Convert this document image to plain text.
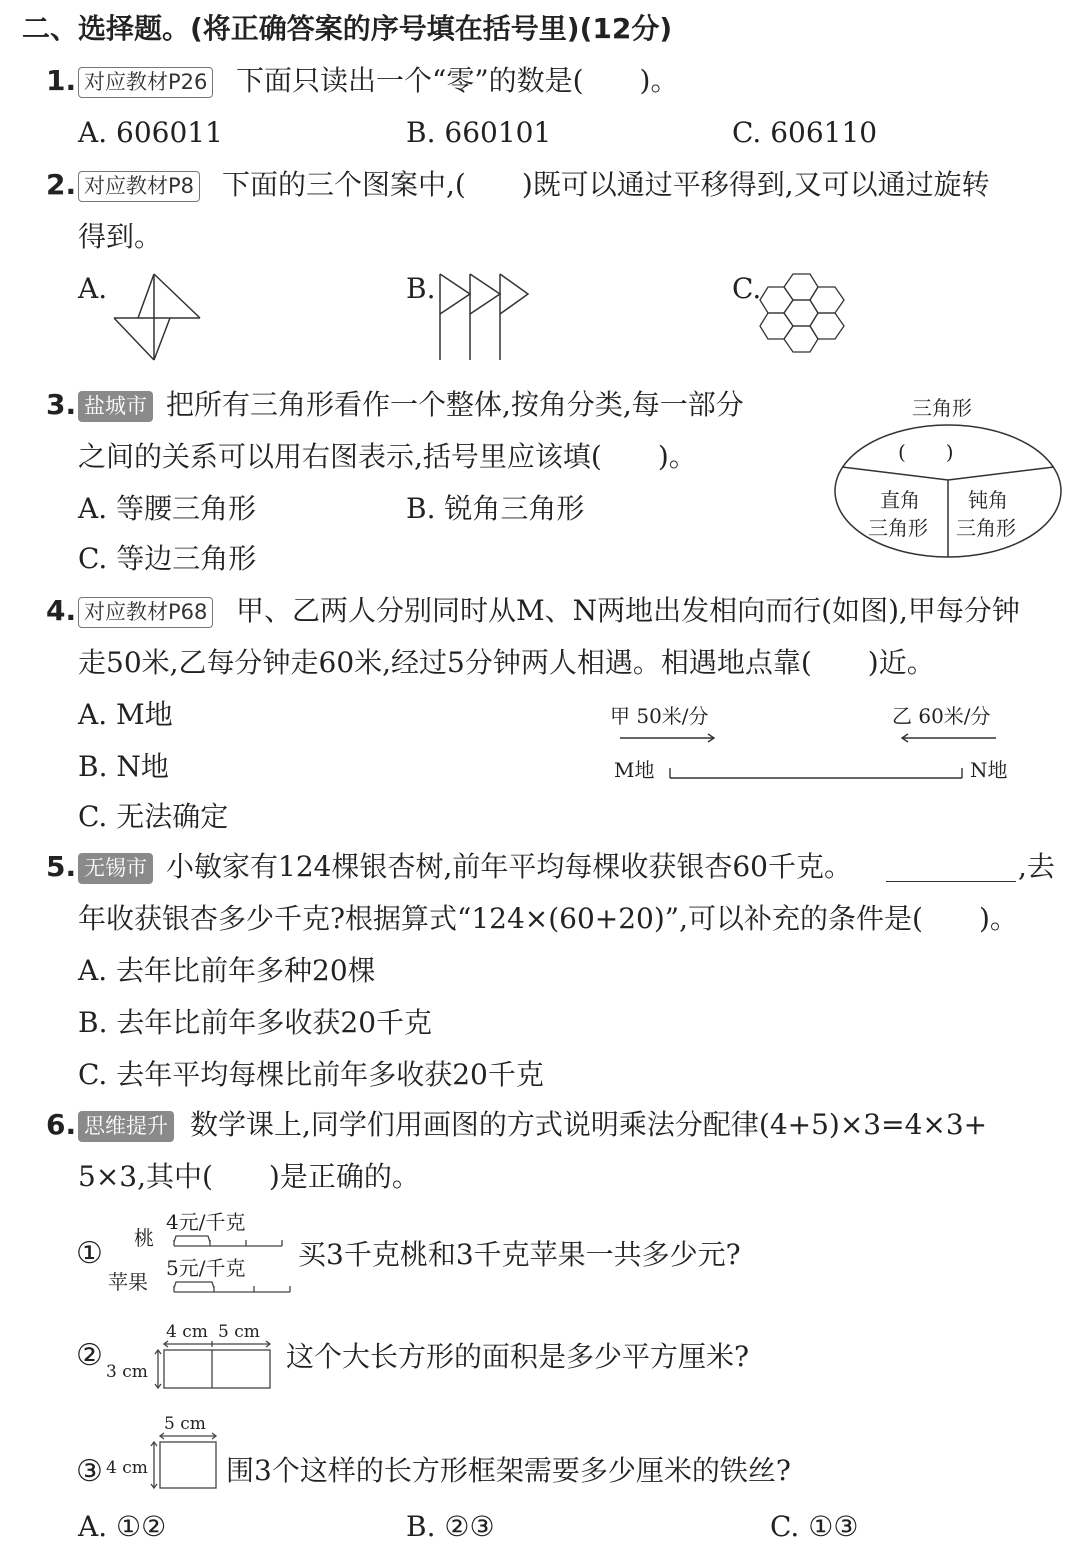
二、选择题。(将正确答案的序号填在括号里)(12分)
1. 对应教材P26 下面只读出一个“零”的数是(　　)。
A. 606011	B. 660101	C. 606110
2. 对应教材P8 下面的三个图案中,(　　)既可以通过平移得到,又可以通过旋转
得到。
A.	B.	C.
3. 盐城市 把所有三角形看作一个整体,按角分类,每一部分
之间的关系可以用右图表示,括号里应该填(　　)。
A. 等腰三角形	B. 锐角三角形
C. 等边三角形
三角形
(　　)
直角
三角形
钝角
三角形
4. 对应教材P68 甲、乙两人分别同时从M、N两地出发相向而行(如图),甲每分钟
走50米,乙每分钟走60米,经过5分钟两人相遇。相遇地点靠(　　)近。
A. M地
B. N地
C. 无法确定
甲 50米/分	乙 60米/分
M地	N地
5. 无锡市 小敏家有124棵银杏树,前年平均每棵收获银杏60千克。	,去
年收获银杏多少千克?根据算式“124×(60+20)”,可以补充的条件是(　　)。
A. 去年比前年多种20棵
B. 去年比前年多收获20千克
C. 去年平均每棵比前年多收获20千克
6. 思维提升 数学课上,同学们用画图的方式说明乘法分配律(4+5)×3=4×3+
5×3,其中(　　)是正确的。
① 桃
苹果
4元/千克
5元/千克 买3千克桃和3千克苹果一共多少元?
②
4 cm 5 cm
3 cm	这个大长方形的面积是多少平方厘米?
③ 4 cm
5 cm
围3个这样的长方形框架需要多少厘米的铁丝?
A. ①②	B. ②③	C. ①③
